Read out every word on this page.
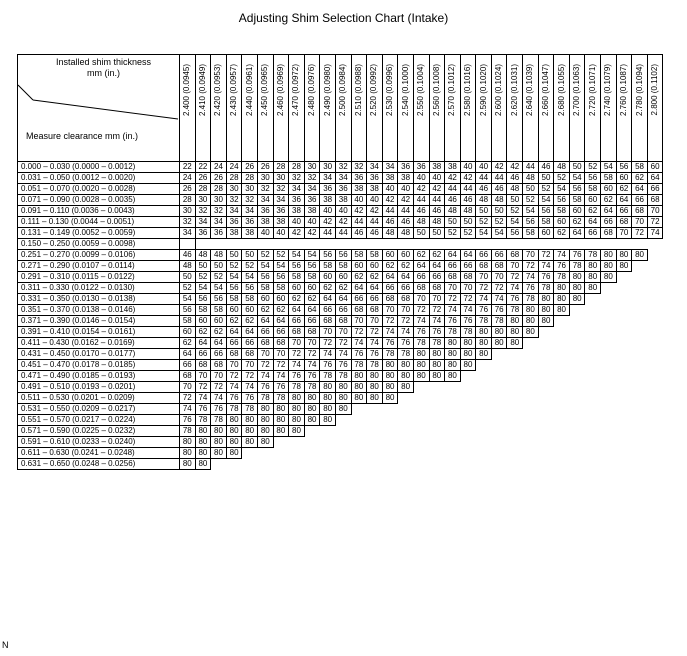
Adjusting Shim Selection Chart (Intake)
Installed shim thickness
mm (in.)
Measure clearance mm (in.)	2.400 (0.0945)	2.410 (0.0949)	2.420 (0.0953)	2.430 (0.0957)	2.440 (0.0961)	2.450 (0.0965)	2.460 (0.0969)	2.470 (0.0972)	2.480 (0.0976)	2.490 (0.0980)	2.500 (0.0984)	2.510 (0.0988)	2.520 (0.0992)	2.530 (0.0996)	2.540 (0.1000)	2.550 (0.1004)	2.560 (0.1008)	2.570 (0.1012)	2.580 (0.1016)	2.590 (0.1020)	2.600 (0.1024)	2.620 (0.1031)	2.640 (0.1039)	2.660 (0.1047)	2.680 (0.1055)	2.700 (0.1063)	2.720 (0.1071)	2.740 (0.1079)	2.760 (0.1087)	2.780 (0.1094)	2.800 (0.1102)

0.000 – 0.030 (0.0000 – 0.0012)	22	22	24	24	26	26	28	28	30	30	32	32	34	34	36	36	38	38	40	40	42	42	44	46	48	50	52	54	56	58	60
0.031 – 0.050 (0.0012 – 0.0020)	24	26	26	28	28	30	30	32	32	34	34	36	36	38	38	40	40	42	42	44	44	46	48	50	52	54	56	58	60	62	64
0.051 – 0.070 (0.0020 – 0.0028)	26	28	28	30	30	32	32	34	34	36	36	38	38	40	40	42	42	44	44	46	46	48	50	52	54	56	58	60	62	64	66
0.071 – 0.090 (0.0028 – 0.0035)	28	30	30	32	32	34	34	36	36	38	38	40	40	42	42	44	44	46	46	48	48	50	52	54	56	58	60	62	64	66	68
0.091 – 0.110 (0.0036 – 0.0043)	30	32	32	34	34	36	36	38	38	40	40	42	42	44	44	46	46	48	48	50	50	52	54	56	58	60	62	64	66	68	70
0.111 – 0.130 (0.0044 – 0.0051)	32	34	34	36	36	38	38	40	40	42	42	44	44	46	46	48	48	50	50	52	52	54	56	58	60	62	64	66	68	70	72
0.131 – 0.149 (0.0052 – 0.0059)	34	36	36	38	38	40	40	42	42	44	44	46	46	48	48	50	50	52	52	54	54	56	58	60	62	64	66	68	70	72	74
0.150 – 0.250 (0.0059 – 0.0098)																															
0.251 – 0.270 (0.0099 – 0.0106)	46	48	48	50	50	52	52	54	54	56	56	58	58	60	60	62	62	64	64	66	66	68	70	72	74	76	78	80	80	80	
0.271 – 0.290 (0.0107 – 0.0114)	48	50	50	52	52	54	54	56	56	58	58	60	60	62	62	64	64	66	66	68	68	70	72	74	76	78	80	80	80		
0.291 – 0.310 (0.0115 – 0.0122)	50	52	52	54	54	56	56	58	58	60	60	62	62	64	64	66	66	68	68	70	70	72	74	76	78	80	80	80			
0.311 – 0.330 (0.0122 – 0.0130)	52	54	54	56	56	58	58	60	60	62	62	64	64	66	66	68	68	70	70	72	72	74	76	78	80	80	80				
0.331 – 0.350 (0.0130 – 0.0138)	54	56	56	58	58	60	60	62	62	64	64	66	66	68	68	70	70	72	72	74	74	76	78	80	80	80					
0.351 – 0.370 (0.0138 – 0.0146)	56	58	58	60	60	62	62	64	64	66	66	68	68	70	70	72	72	74	74	76	76	78	80	80	80						
0.371 – 0.390 (0.0146 – 0.0154)	58	60	60	62	62	64	64	66	66	68	68	70	70	72	72	74	74	76	76	78	78	80	80	80							
0.391 – 0.410 (0.0154 – 0.0161)	60	62	62	64	64	66	66	68	68	70	70	72	72	74	74	76	76	78	78	80	80	80	80								
0.411 – 0.430 (0.0162 – 0.0169)	62	64	64	66	66	68	68	70	70	72	72	74	74	76	76	78	78	80	80	80	80	80									
0.431 – 0.450 (0.0170 – 0.0177)	64	66	66	68	68	70	70	72	72	74	74	76	76	78	78	80	80	80	80	80											
0.451 – 0.470 (0.0178 – 0.0185)	66	68	68	70	70	72	72	74	74	76	76	78	78	80	80	80	80	80	80												
0.471 – 0.490 (0.0185 – 0.0193)	68	70	70	72	72	74	74	76	76	78	78	80	80	80	80	80	80	80													
0.491 – 0.510 (0.0193 – 0.0201)	70	72	72	74	74	76	76	78	78	80	80	80	80	80	80																
0.511 – 0.530 (0.0201 – 0.0209)	72	74	74	76	76	78	78	80	80	80	80	80	80	80																	
0.531 – 0.550 (0.0209 – 0.0217)	74	76	76	78	78	80	80	80	80	80	80																				
0.551 – 0.570 (0.0217 – 0.0224)	76	78	78	80	80	80	80	80	80	80																					
0.571 – 0.590 (0.0225 – 0.0232)	78	80	80	80	80	80	80	80																							
0.591 – 0.610 (0.0233 – 0.0240)	80	80	80	80	80	80																									
0.611 – 0.630 (0.0241 – 0.0248)	80	80	80	80																											
0.631 – 0.650 (0.0248 – 0.0256)	80	80																													
N
